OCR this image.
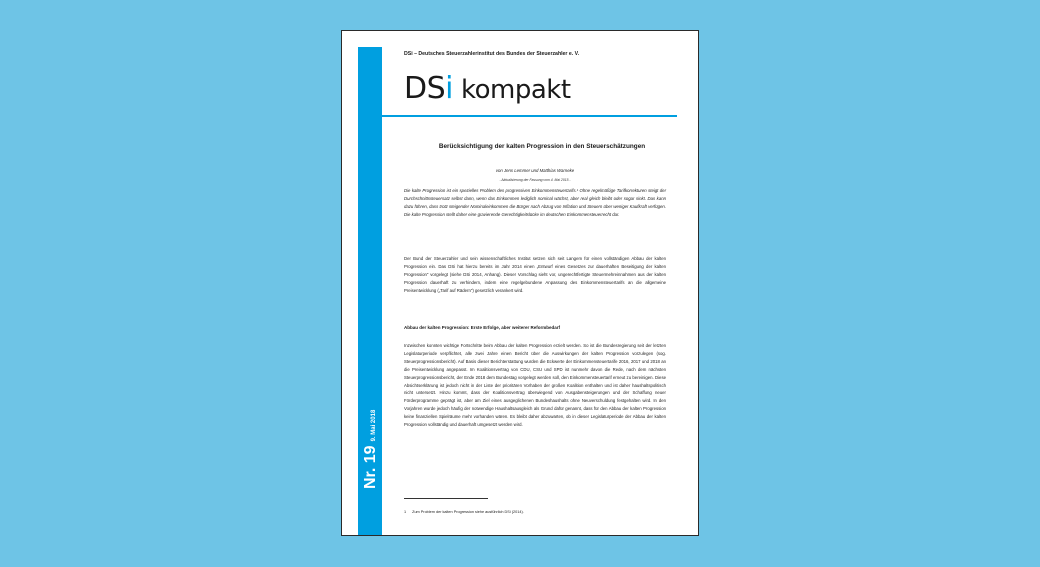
Nr. 19
9. Mai 2018
DSi – Deutsches Steuerzahlerinstitut des Bundes der Steuerzahler e. V.
DSi kompakt
Berücksichtigung der kalten Progression in den Steuerschätzungen
von Jens Lemmer und Matthias Warneke
- Aktualisierung der Fassung vom 4. Mai 2015 -
Die kalte Progression ist ein spezielles Problem des progressiven Einkommensteuertarifs.¹ Ohne regelmäßige Tarifkorrekturen steigt der Durchschnittssteuersatz selbst dann, wenn das Einkommen lediglich nominal wächst, aber real gleich bleibt oder sogar sinkt. Das kann dazu führen, dass trotz steigender Nominaleinkommen die Bürger nach Abzug von Inflation und Steuern über weniger Kaufkraft verfügen. Die kalte Progression stellt daher eine gravierende Gerechtigkeitslücke im deutschen Einkommensteuerrecht dar.
Der Bund der Steuerzahler und sein wissenschaftliches Institut setzen sich seit Langem für einen vollständigen Abbau der kalten Progression ein. Das DSi hat hierzu bereits im Jahr 2014 einen „Entwurf eines Gesetzes zur dauerhaften Beseitigung der kalten Progression" vorgelegt (siehe DSi 2014, Anhang). Dieser Vorschlag sieht vor, ungerechtfertigte Steuermehreinnahmen aus der kalten Progression dauerhaft zu verhindern, indem eine regelgebundene Anpassung des Einkommensteuertarifs an die allgemeine Preisentwicklung („Tarif auf Rädern") gesetzlich verankert wird.
Abbau der kalten Progression: Erste Erfolge, aber weiterer Reformbedarf
Inzwischen konnten wichtige Fortschritte beim Abbau der kalten Progression erzielt werden. So ist die Bundesregierung seit der letzten Legislaturperiode verpflichtet, alle zwei Jahre einen Bericht über die Auswirkungen der kalten Progression vorzulegen (sog. Steuerprogressionsbericht). Auf Basis dieser Berichterstattung wurden die Eckwerte der Einkommensteuertarife 2016, 2017 und 2018 an die Preisentwicklung angepasst. Im Koalitionsvertrag von CDU, CSU und SPD ist nunmehr davon die Rede, nach dem nächsten Steuerprogressionsbericht, der Ende 2018 dem Bundestag vorgelegt werden soll, den Einkommensteuertarif erneut zu bereinigen. Diese Absichtserklärung ist jedoch nicht in der Liste der prioritären Vorhaben der großen Koalition enthalten und ist daher haushaltspolitisch nicht untersetzt. Hinzu kommt, dass der Koalitionsvertrag überwiegend von Ausgabensteigerungen und der Schaffung neuer Förderprogramme geprägt ist, aber am Ziel eines ausgeglichenen Bundeshaushalts ohne Neuverschuldung festgehalten wird. In den Vorjahren wurde jedoch häufig der notwendige Haushaltsausgleich als Grund dafür genannt, dass für den Abbau der kalten Progression keine finanziellen Spielräume mehr vorhanden wären. Es bleibt daher abzuwarten, ob in dieser Legislaturperiode der Abbau der kalten Progression vollständig und dauerhaft umgesetzt werden wird.
1 Zum Problem der kalten Progression siehe ausführlich DSi (2014).
